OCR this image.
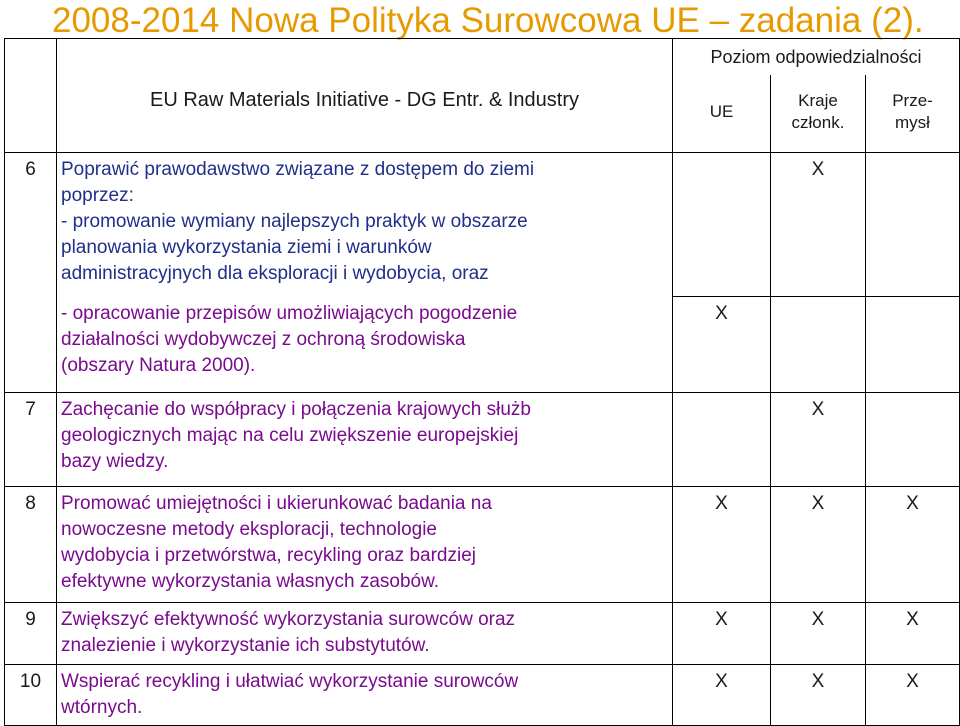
2008-2014 Nowa Polityka Surowcowa UE – zadania (2).
	EU Raw Materials Initiative - DG Entr. & Industry	Poziom odpowiedzialności		
		UE	Kraje członk.	Prze-mysł
6	Poprawić prawodawstwo związane z dostępem do ziemi
poprzez:
- promowanie wymiany najlepszych praktyk w obszarze
planowania wykorzystania ziemi i warunków
administracyjnych dla eksploracji i wydobycia, oraz		X	

	- opracowanie przepisów umożliwiających pogodzenie
działalności wydobywczej z ochroną środowiska
(obszary Natura 2000).	X		
7	Zachęcanie do współpracy i połączenia krajowych służb
geologicznych mając na celu zwiększenie europejskiej
bazy wiedzy.		X	
8	Promować umiejętności i ukierunkować badania na
nowoczesne metody eksploracji, technologie
wydobycia i przetwórstwa, recykling oraz bardziej
efektywne wykorzystania własnych zasobów.	X	X	X
9	Zwiększyć efektywność wykorzystania surowców oraz
znalezienie i wykorzystanie ich substytutów.	X	X	X
10	Wspierać recykling i ułatwiać wykorzystanie surowców
wtórnych.	X	X	X
